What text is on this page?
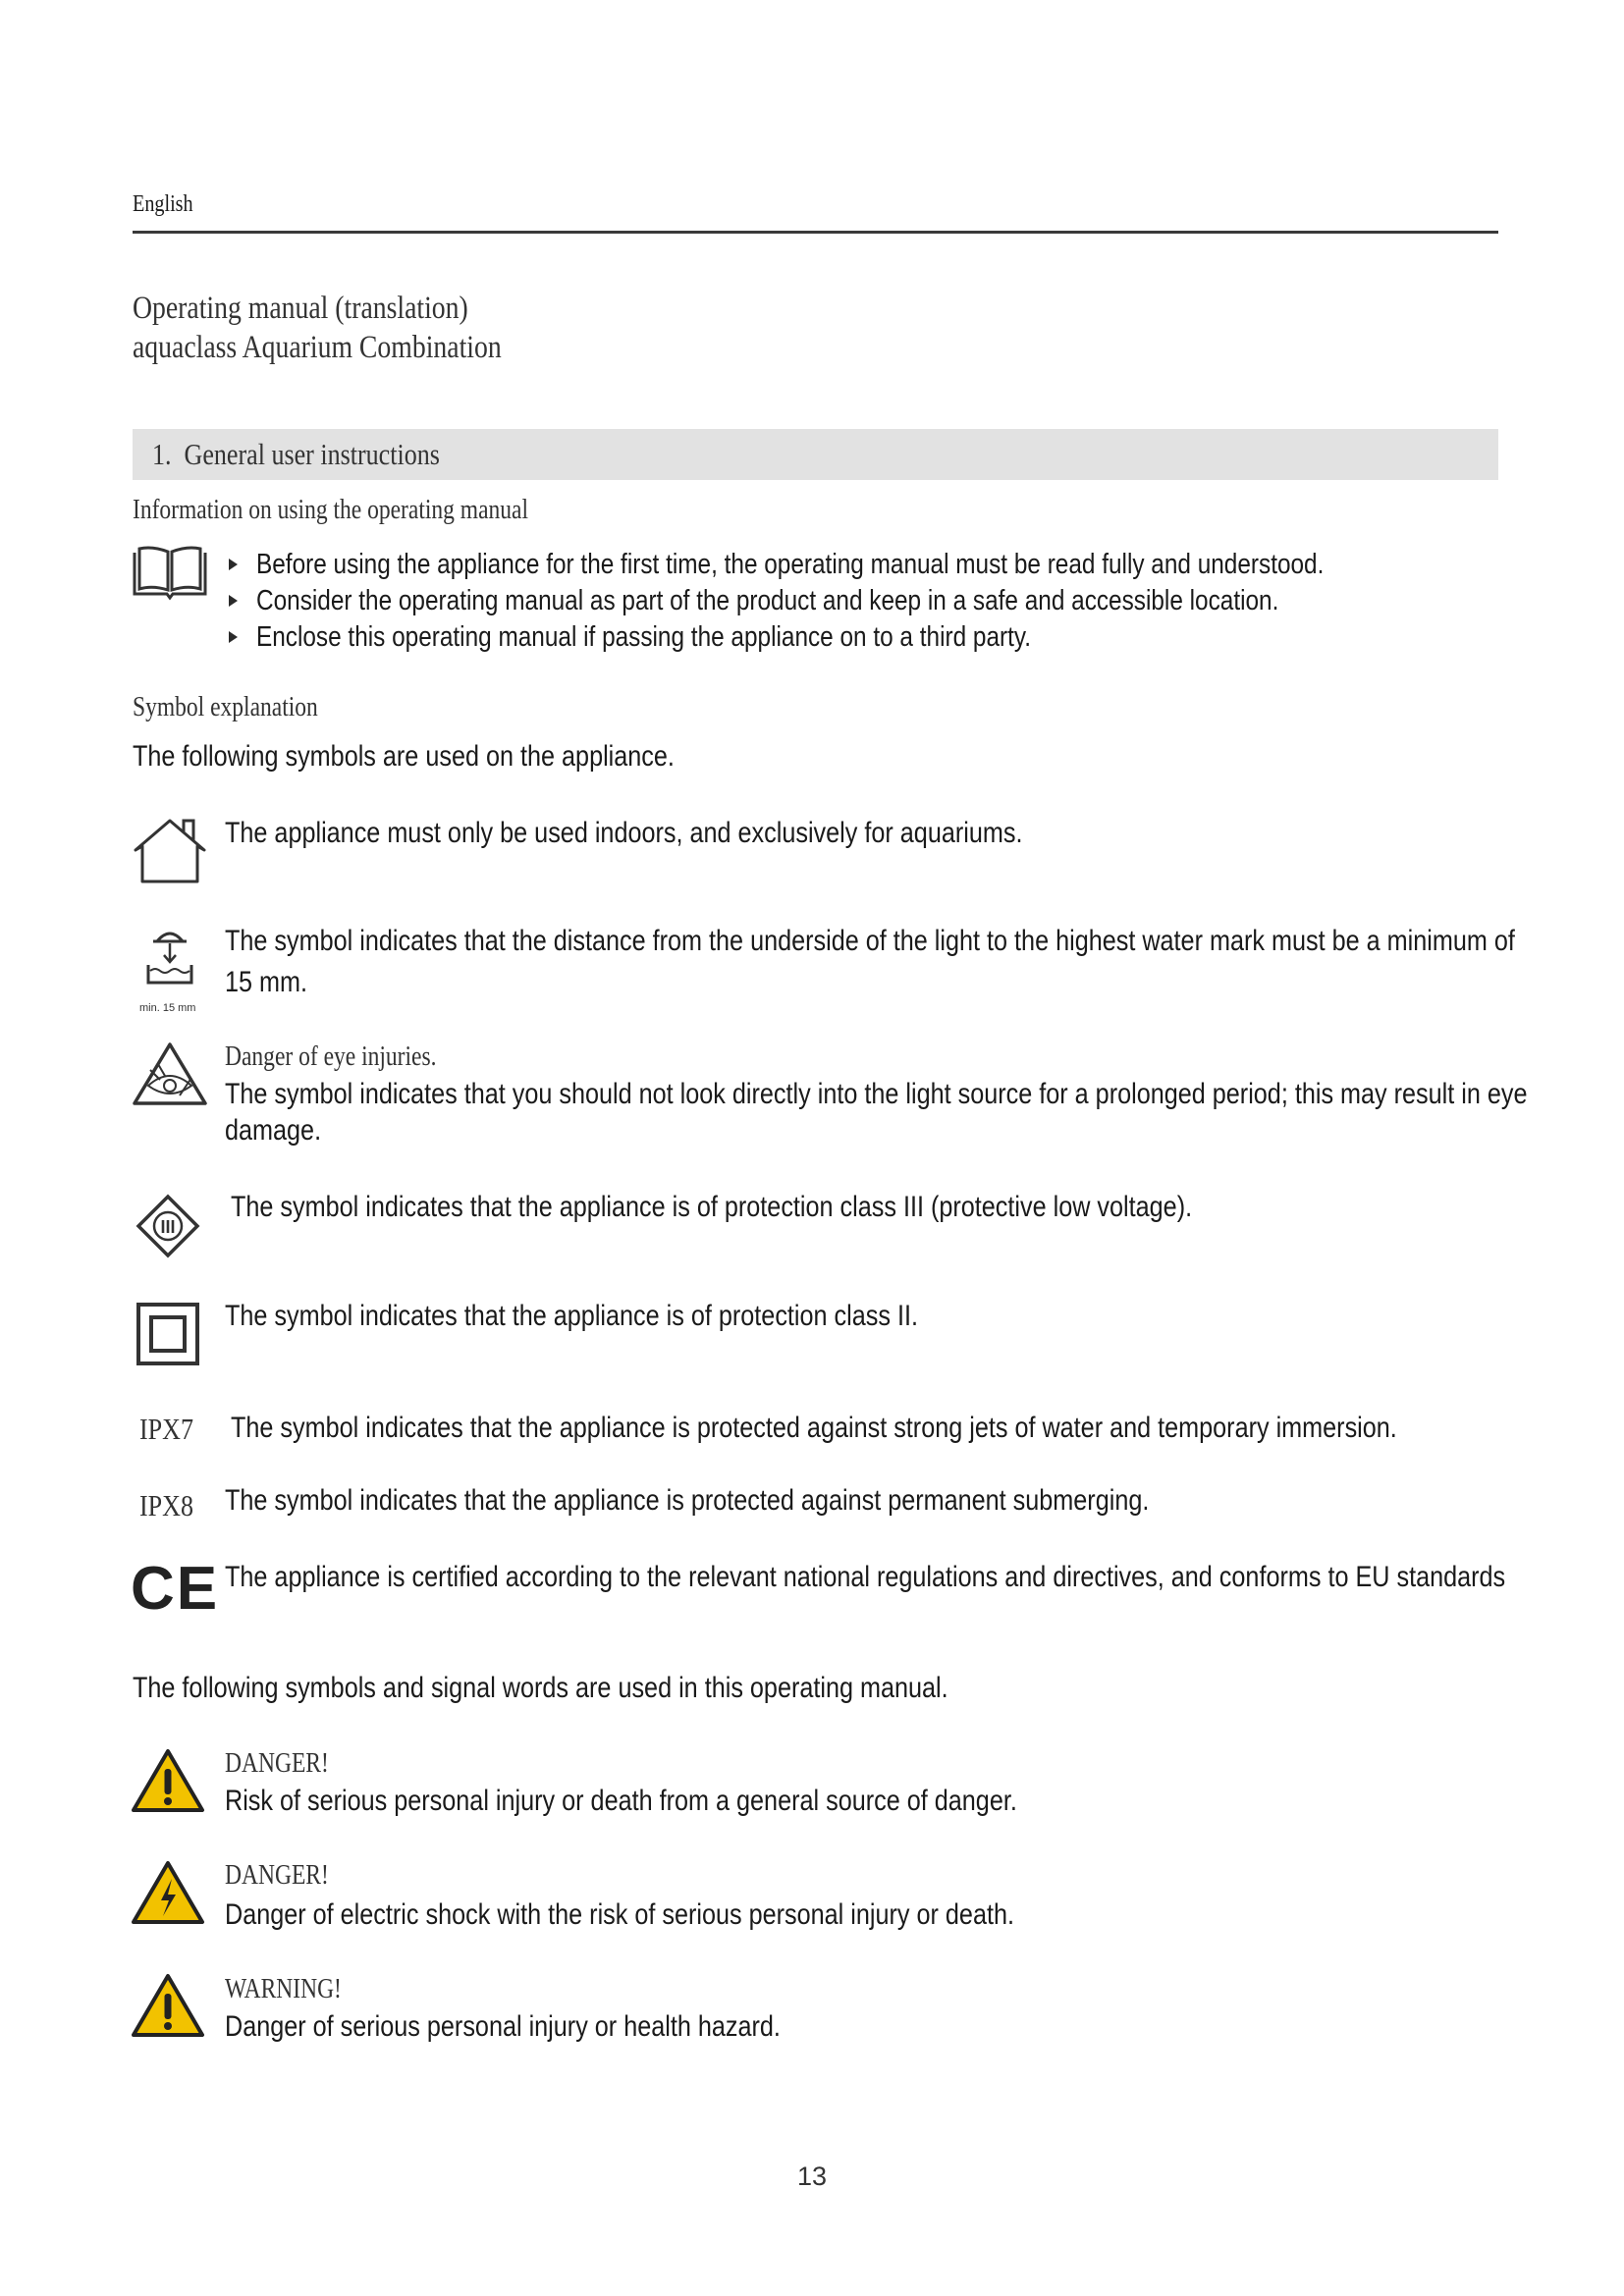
English
Operating manual (translation)
aquaclass Aquarium Combination
1. General user instructions
Information on using the operating manual
Before using the appliance for the first time, the operating manual must be read fully and understood.
Consider the operating manual as part of the product and keep in a safe and accessible location.
Enclose this operating manual if passing the appliance on to a third party.
Symbol explanation
The following symbols are used on the appliance.
The appliance must only be used indoors, and exclusively for aquariums.
min. 15 mm
The symbol indicates that the distance from the underside of the light to the highest water mark must be a minimum of
15 mm.
Danger of eye injuries.
The symbol indicates that you should not look directly into the light source for a prolonged period; this may result in eye
damage.
III
The symbol indicates that the appliance is of protection class III (protective low voltage).
The symbol indicates that the appliance is of protection class II.
IPX7	The symbol indicates that the appliance is protected against strong jets of water and temporary immersion.
IPX8	The symbol indicates that the appliance is protected against permanent submerging.
CE The appliance is certified according to the relevant national regulations and directives, and conforms to EU standards
The following symbols and signal words are used in this operating manual.
DANGER!
Risk of serious personal injury or death from a general source of danger.
DANGER!
Danger of electric shock with the risk of serious personal injury or death.
WARNING!
Danger of serious personal injury or health hazard.
13
